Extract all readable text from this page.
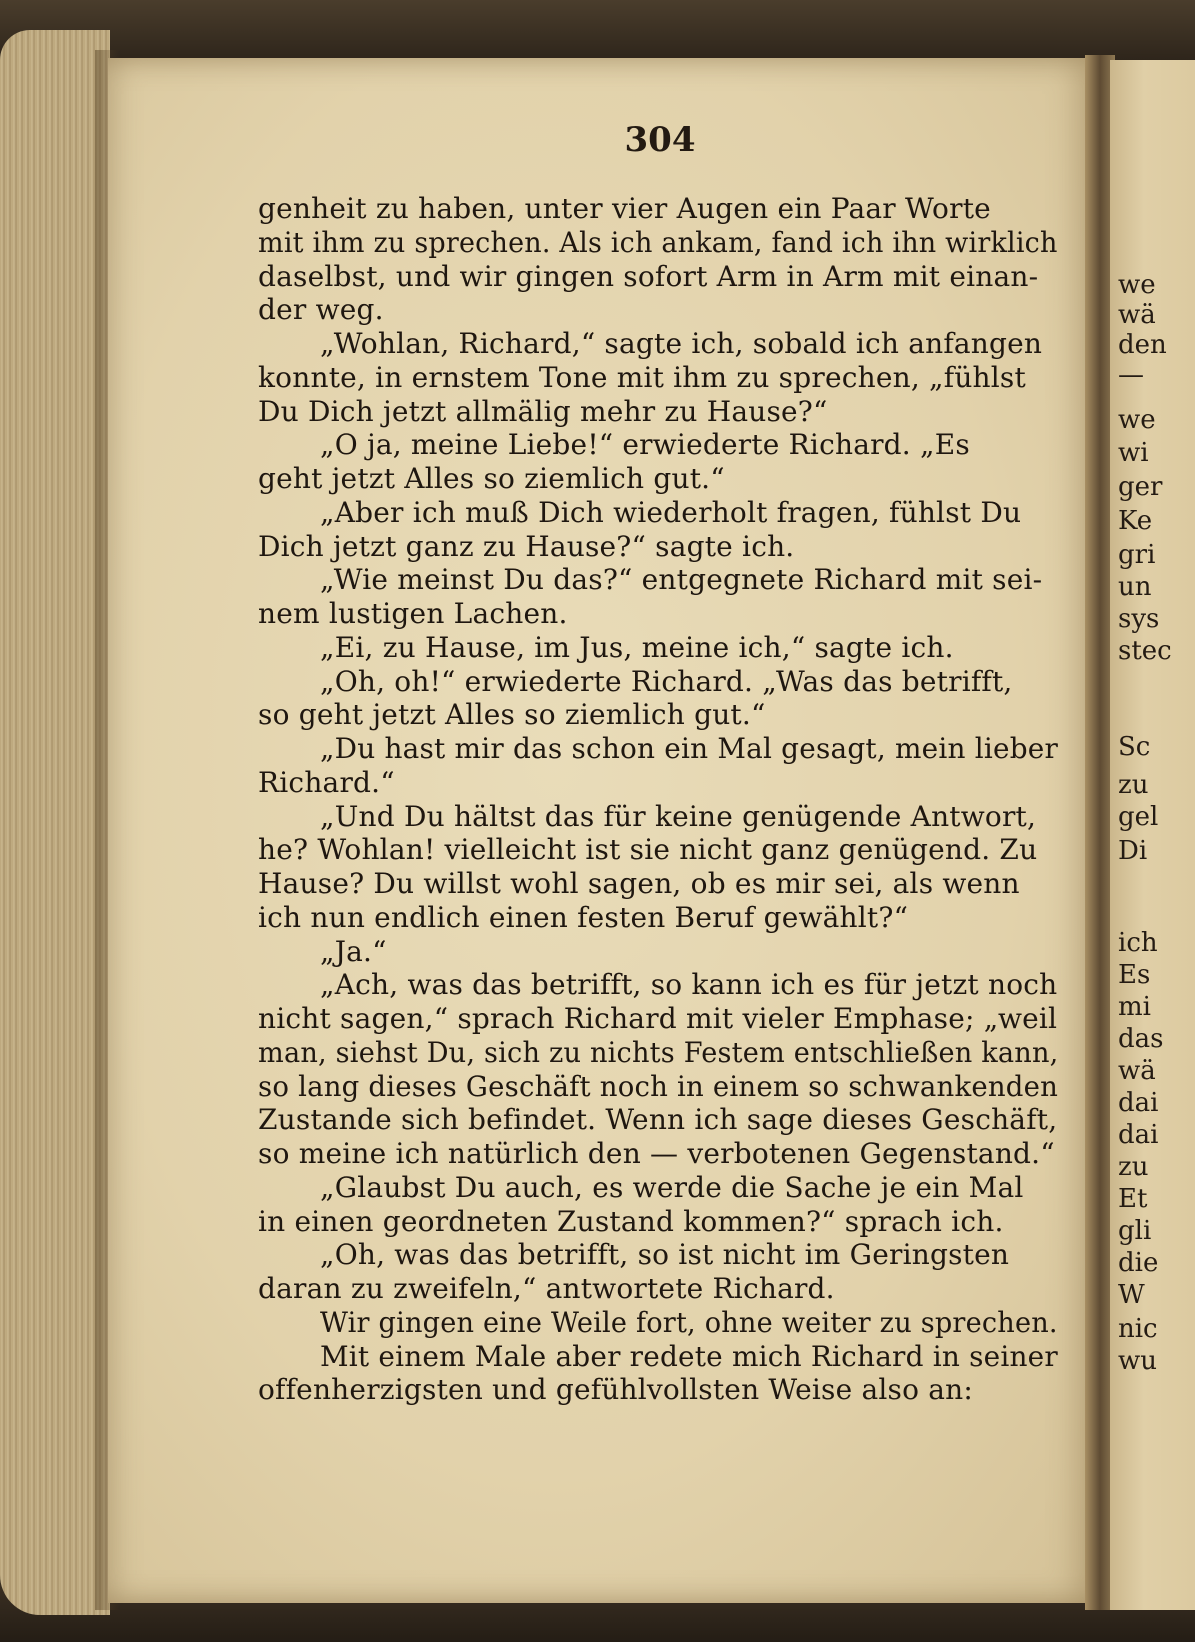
304
genheit zu haben, unter vier Augen ein Paar Worte
mit ihm zu sprechen. Als ich ankam, fand ich ihn wirklich
daselbst, und wir gingen sofort Arm in Arm mit einan-
der weg.
„Wohlan, Richard,“ sagte ich, sobald ich anfangen
konnte, in ernstem Tone mit ihm zu sprechen, „fühlst
Du Dich jetzt allmälig mehr zu Hause?“
„O ja, meine Liebe!“ erwiederte Richard. „Es
geht jetzt Alles so ziemlich gut.“
„Aber ich muß Dich wiederholt fragen, fühlst Du
Dich jetzt ganz zu Hause?“ sagte ich.
„Wie meinst Du das?“ entgegnete Richard mit sei-
nem lustigen Lachen.
„Ei, zu Hause, im Jus, meine ich,“ sagte ich.
„Oh, oh!“ erwiederte Richard. „Was das betrifft,
so geht jetzt Alles so ziemlich gut.“
„Du hast mir das schon ein Mal gesagt, mein lieber
Richard.“
„Und Du hältst das für keine genügende Antwort,
he? Wohlan! vielleicht ist sie nicht ganz genügend. Zu
Hause? Du willst wohl sagen, ob es mir sei, als wenn
ich nun endlich einen festen Beruf gewählt?“
„Ja.“
„Ach, was das betrifft, so kann ich es für jetzt noch
nicht sagen,“ sprach Richard mit vieler Emphase; „weil
man, siehst Du, sich zu nichts Festem entschließen kann,
so lang dieses Geschäft noch in einem so schwankenden
Zustande sich befindet. Wenn ich sage dieses Geschäft,
so meine ich natürlich den — verbotenen Gegenstand.“
„Glaubst Du auch, es werde die Sache je ein Mal
in einen geordneten Zustand kommen?“ sprach ich.
„Oh, was das betrifft, so ist nicht im Geringsten
daran zu zweifeln,“ antwortete Richard.
Wir gingen eine Weile fort, ohne weiter zu sprechen.
Mit einem Male aber redete mich Richard in seiner
offenherzigsten und gefühlvollsten Weise also an:
we
wä
den
—
we
wi
ger
Ke
gri
un
sys
stec
Sc
zu
gel
Di
ich
Es
mi
das
wä
dai
dai
zu
Et
gli
die
W
nic
wu
